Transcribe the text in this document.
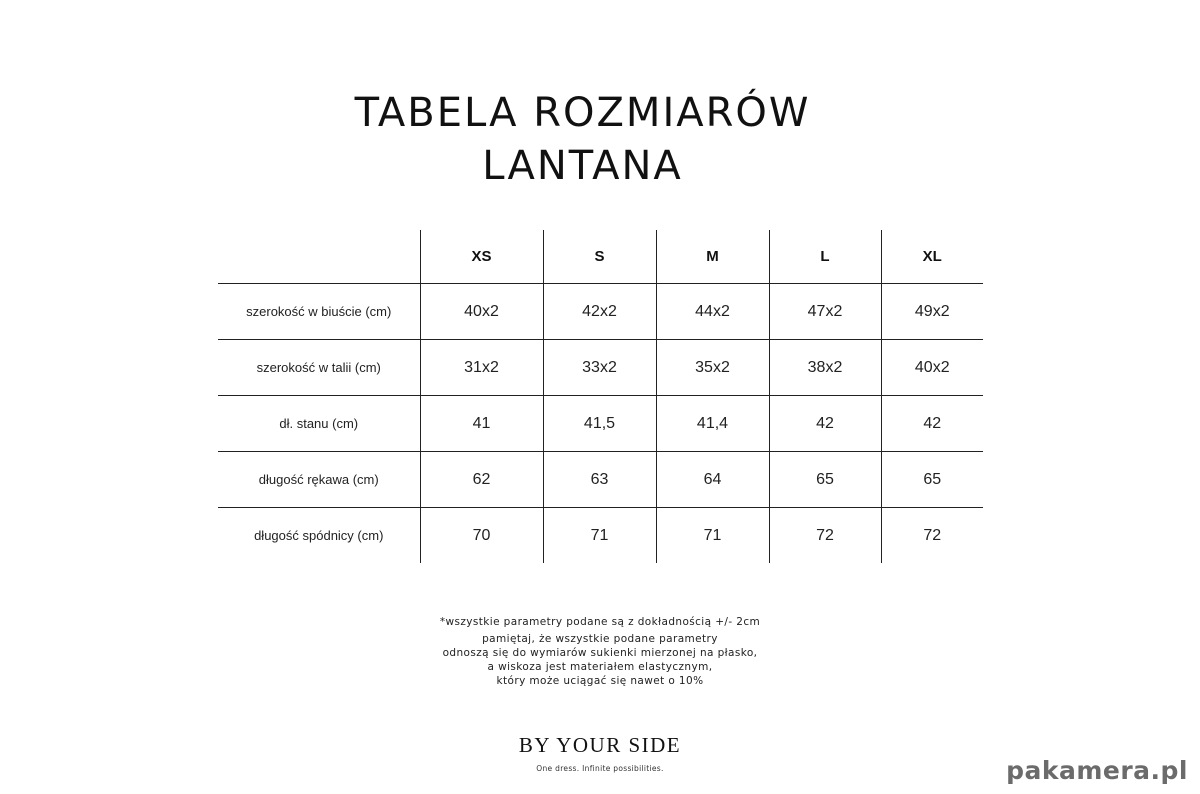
TABELA ROZMIARÓW
LANTANA
	XS	S	M	L	XL
szerokość w biuście (cm)	40x2	42x2	44x2	47x2	49x2
szerokość w talii (cm)	31x2	33x2	35x2	38x2	40x2
dł. stanu (cm)	41	41,5	41,4	42	42
długość rękawa (cm)	62	63	64	65	65
długość spódnicy (cm)	70	71	71	72	72
*wszystkie parametry podane są z dokładnością +/- 2cm
pamiętaj, że wszystkie podane parametry
odnoszą się do wymiarów sukienki mierzonej na płasko,
a wiskoza jest materiałem elastycznym,
który może uciągać się nawet o 10%
BY YOUR SIDE
One dress. Infinite possibilities.	pakamera.pl
